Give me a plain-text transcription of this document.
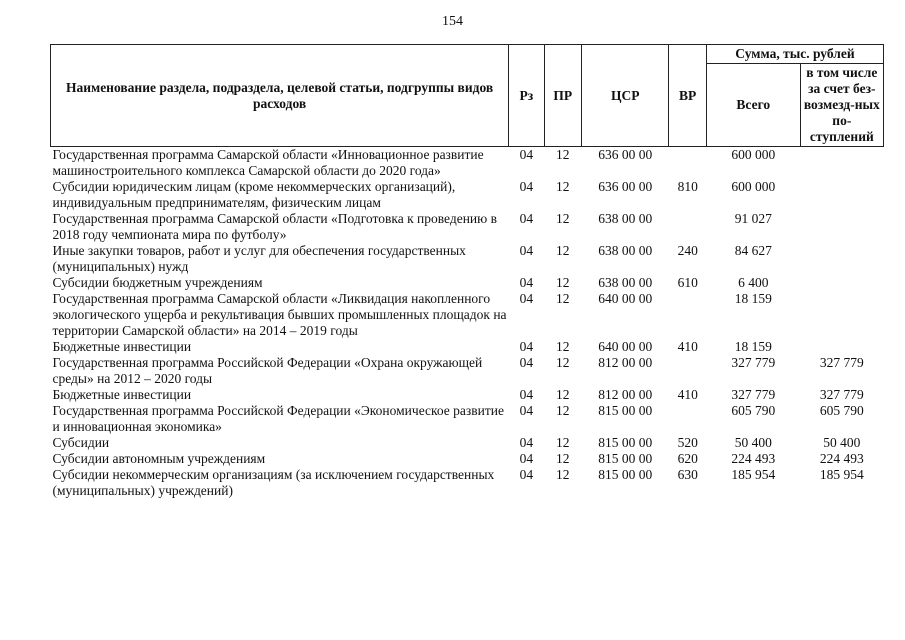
154
Наименование раздела, подраздела, целевой статьи, подгруппы видов расходов	Рз	ПР	ЦСР	ВР	Сумма, тыс. рублей	
					Всего	в том числе за счет без-возмезд-ных по-ступлений
Государственная программа Самарской области «Инновационное развитие машиностроительного комплекса Самарской области до 2020 года»	04	12	636 00 00		600 000	
Субсидии юридическим лицам (кроме некоммерческих организаций), индивидуальным предпринимателям, физическим лицам	04	12	636 00 00	810	600 000	
Государственная программа Самарской области «Подготовка к проведению в 2018 году чемпионата мира по футболу»	04	12	638 00 00		91 027	
Иные закупки товаров, работ и услуг для обеспечения государственных (муниципальных) нужд	04	12	638 00 00	240	84 627	
Субсидии бюджетным учреждениям	04	12	638 00 00	610	6 400	
Государственная программа Самарской области «Ликвидация накопленного экологического ущерба и рекультивация бывших промышленных площадок на территории Самарской области» на 2014 – 2019 годы	04	12	640 00 00		18 159	
Бюджетные инвестиции	04	12	640 00 00	410	18 159	
Государственная программа Российской Федерации «Охрана окружающей среды» на 2012 – 2020 годы	04	12	812 00 00		327 779	327 779
Бюджетные инвестиции	04	12	812 00 00	410	327 779	327 779
Государственная программа Российской Федерации «Экономическое развитие и инновационная экономика»	04	12	815 00 00		605 790	605 790
Субсидии	04	12	815 00 00	520	50 400	50 400
Субсидии автономным учреждениям	04	12	815 00 00	620	224 493	224 493
Субсидии некоммерческим организациям (за исключением государственных (муниципальных) учреждений)	04	12	815 00 00	630	185 954	185 954
